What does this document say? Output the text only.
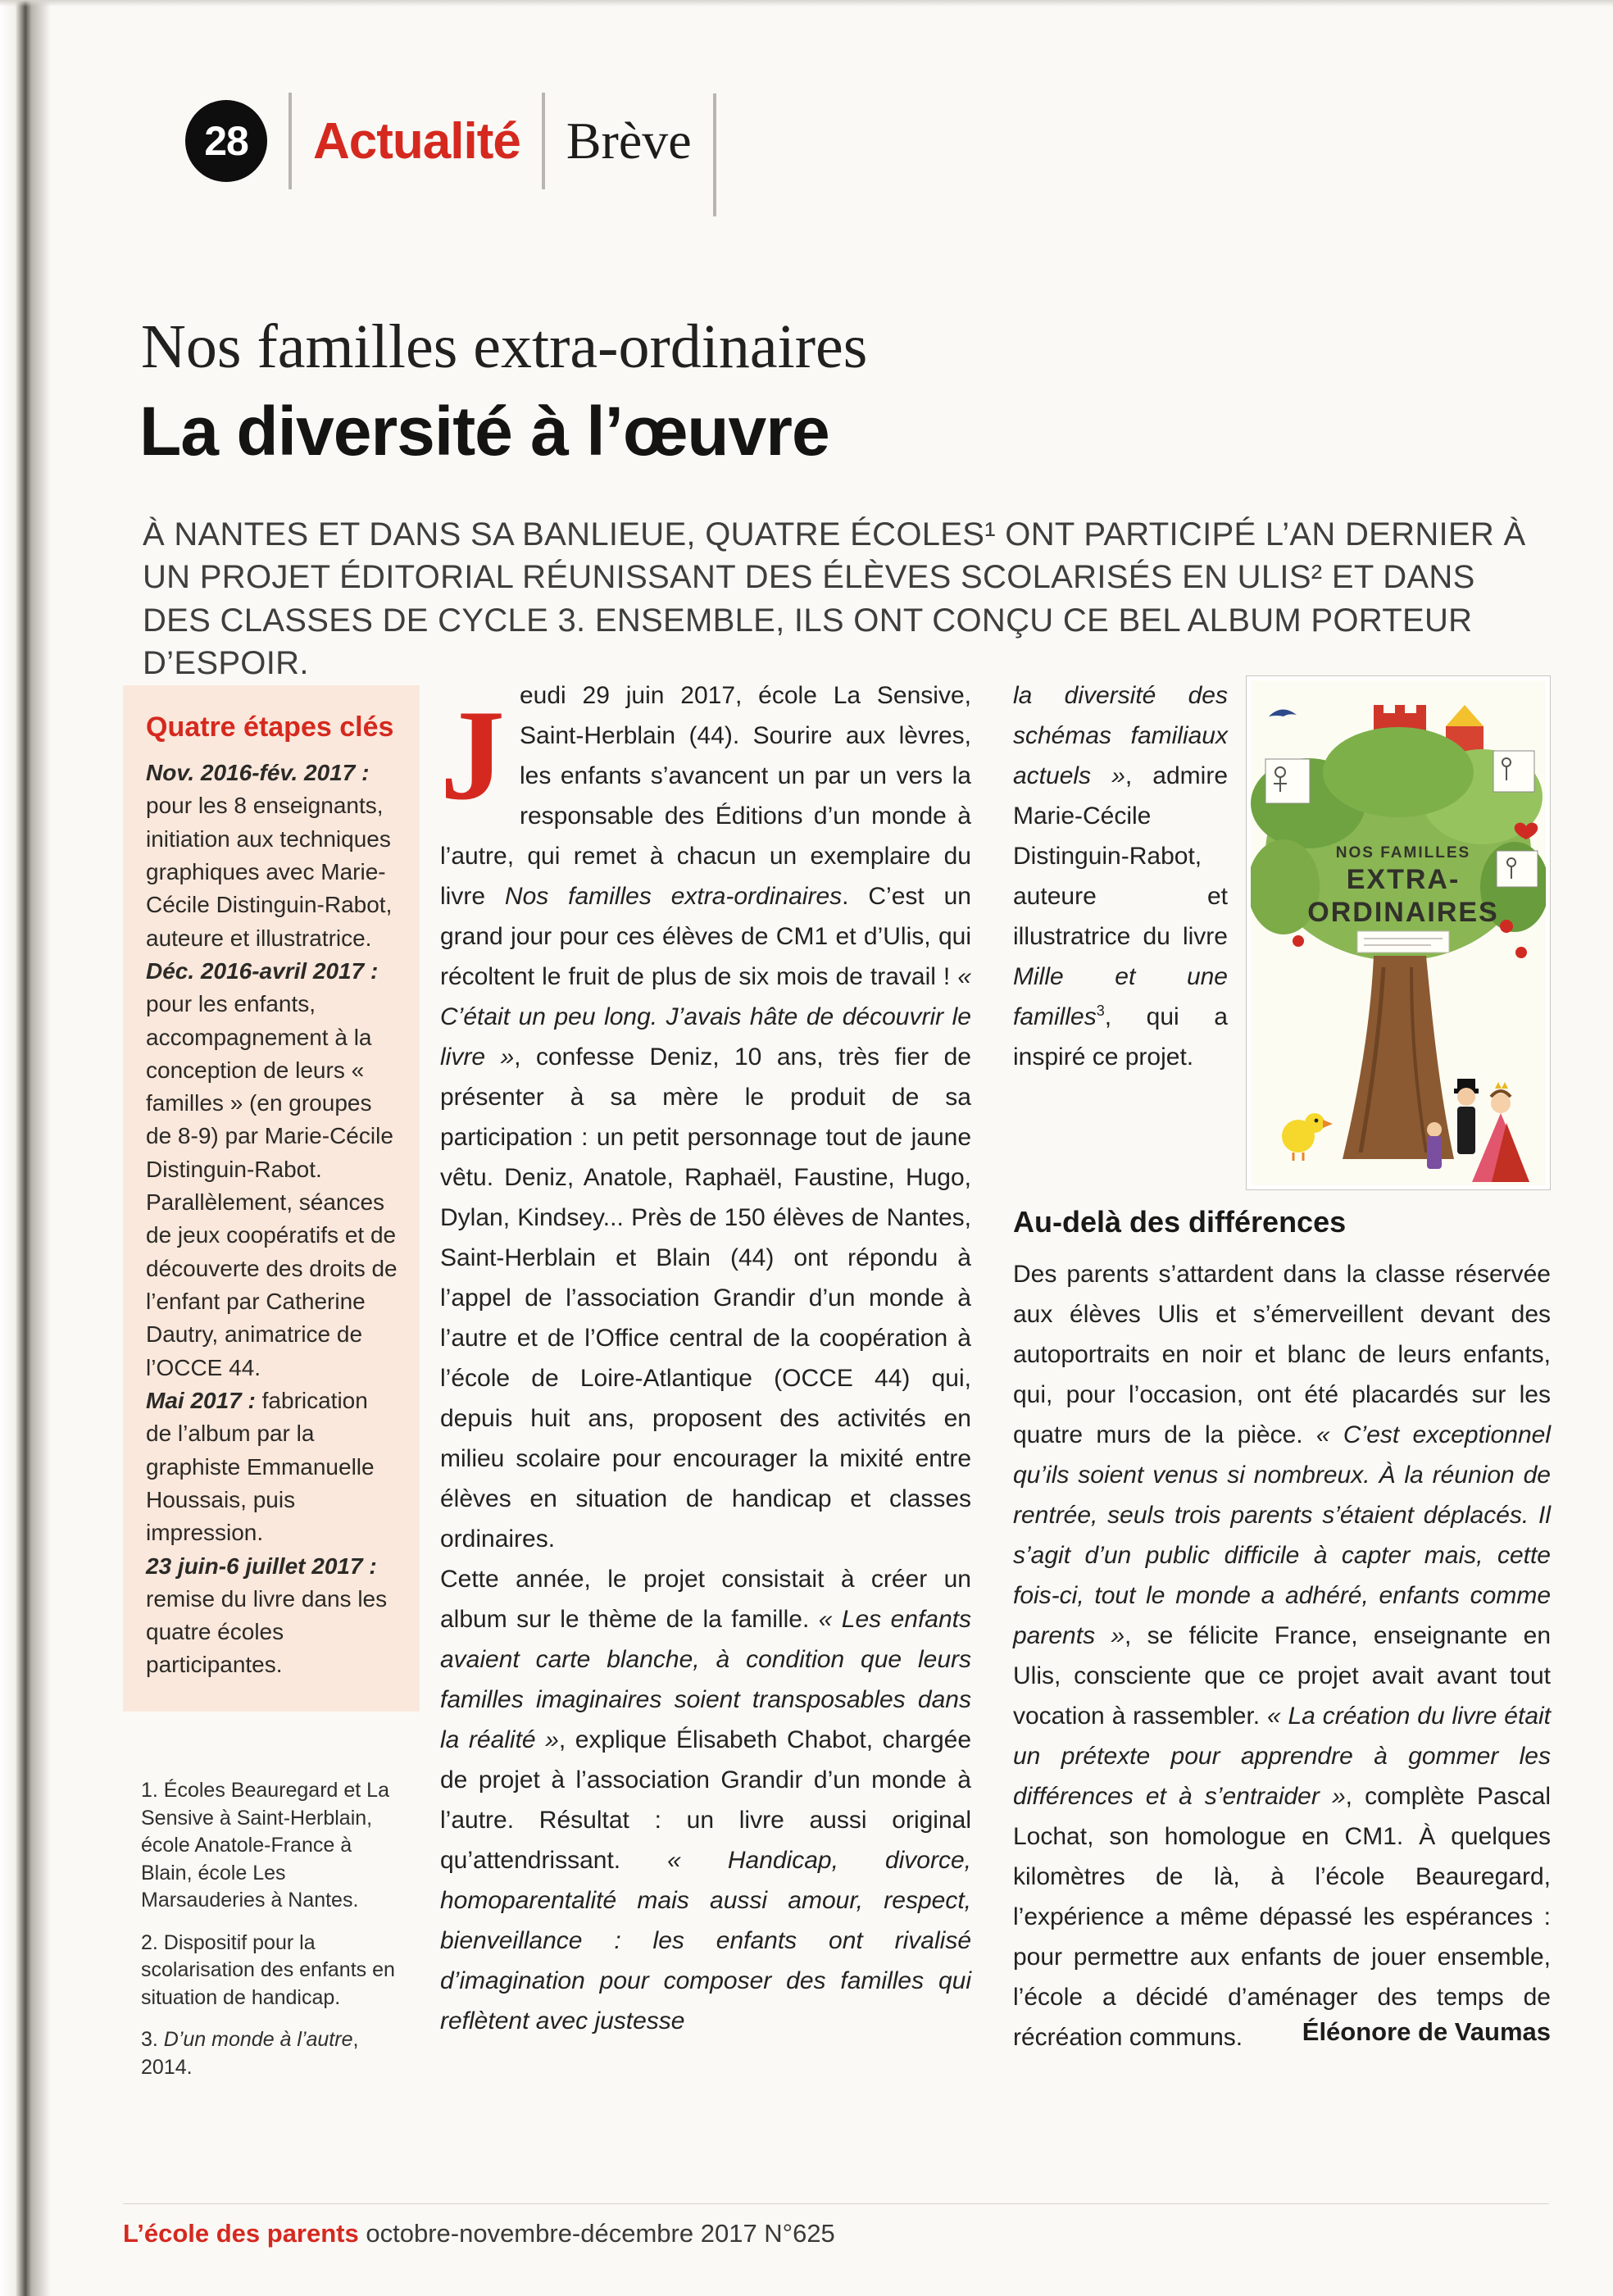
28	Actualité Brève
Nos familles extra-ordinaires
La diversité à l’œuvre

À NANTES ET DANS SA BANLIEUE, QUATRE ÉCOLES¹ ONT PARTICIPÉ L’AN DERNIER À UN PROJET ÉDITORIAL RÉUNISSANT DES ÉLÈVES SCOLARISÉS EN ULIS² ET DANS DES CLASSES DE CYCLE 3. ENSEMBLE, ILS ONT CONÇU CE BEL ALBUM PORTEUR D’ESPOIR.

Quatre étapes clés

Nov. 2016-fév. 2017 : pour les 8 enseignants, initiation aux techniques graphiques avec Marie-Cécile Distinguin-Rabot, auteure et illustratrice.

Déc. 2016-avril 2017 : pour les enfants, accompagnement à la conception de leurs « familles » (en groupes de 8-9) par Marie-Cécile Distinguin-Rabot. Parallèlement, séances de jeux coopératifs et de découverte des droits de l’enfant par Catherine Dautry, animatrice de l’OCCE 44.

Mai 2017 : fabrication de l’album par la graphiste Emmanuelle Houssais, puis impression.

23 juin-6 juillet 2017 : remise du livre dans les quatre écoles participantes.

1. Écoles Beauregard et La Sensive à Saint-Herblain, école Anatole-France à Blain, école Les Marsauderies à Nantes.

2. Dispositif pour la scolarisation des enfants en situation de handicap.

3. D’un monde à l’autre, 2014.

Jeudi 29 juin 2017, école La Sensive, Saint-Herblain (44). Sourire aux lèvres, les enfants s’avancent un par un vers la responsable des Éditions d’un monde à l’autre, qui remet à chacun un exemplaire du livre Nos familles extra-ordinaires. C’est un grand jour pour ces élèves de CM1 et d’Ulis, qui récoltent le fruit de plus de six mois de travail ! « C’était un peu long. J’avais hâte de découvrir le livre », confesse Deniz, 10 ans, très fier de présenter à sa mère le produit de sa participation : un petit personnage tout de jaune vêtu. Deniz, Anatole, Raphaël, Faustine, Hugo, Dylan, Kindsey... Près de 150 élèves de Nantes, Saint-Herblain et Blain (44) ont répondu à l’appel de l’association Grandir d’un monde à l’autre et de l’Office central de la coopération à l’école de Loire-Atlantique (OCCE 44) qui, depuis huit ans, proposent des activités en milieu scolaire pour encourager la mixité entre élèves en situation de handicap et classes ordinaires.

Cette année, le projet consistait à créer un album sur le thème de la famille. « Les enfants avaient carte blanche, à condition que leurs familles imaginaires soient transposables dans la réalité », explique Élisabeth Chabot, chargée de projet à l’association Grandir d’un monde à l’autre. Résultat : un livre aussi original qu’attendrissant. « Handicap, divorce, homoparentalité mais aussi amour, respect, bienveillance : les enfants ont rivalisé d’imagination pour composer des familles qui reflètent avec justesse

NOS FAMILLES
EXTRA-
ORDINAIRES

la diversité des schémas familiaux actuels », admire Marie-Cécile Distinguin-Rabot, auteure et illustratrice du livre Mille et une familles$^3$, qui a inspiré ce projet.

Au-delà des différences

Des parents s’attardent dans la classe réservée aux élèves Ulis et s’émerveillent devant des autoportraits en noir et blanc de leurs enfants, qui, pour l’occasion, ont été placardés sur les quatre murs de la pièce. « C’est exceptionnel qu’ils soient venus si nombreux. À la réunion de rentrée, seuls trois parents s’étaient déplacés. Il s’agit d’un public difficile à capter mais, cette fois-ci, tout le monde a adhéré, enfants comme parents », se félicite France, enseignante en Ulis, consciente que ce projet avait avant tout vocation à rassembler. « La création du livre était un prétexte pour apprendre à gommer les différences et à s’entraider », complète Pascal Lochat, son homologue en CM1. À quelques kilomètres de là, à l’école Beauregard, l’expérience a même dépassé les espérances : pour permettre aux enfants de jouer ensemble, l’école a décidé d’aménager des temps de récréation communs.	Éléonore de Vaumas
L’école des parents octobre-novembre-décembre 2017 N°625
